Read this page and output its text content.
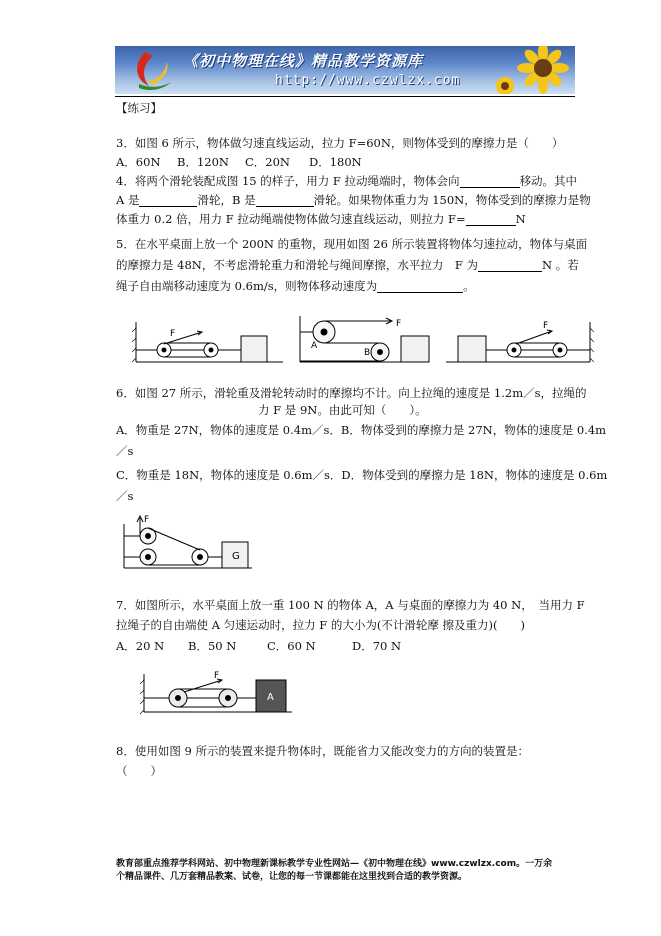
《初中物理在线》精品教学资源库
http://www.czwlzx.com
【练习】
3．如图 6 所示，物体做匀速直线运动，拉力 F=60N，则物体受到的摩擦力是（　　）
A．60N B．120N C．20N D．180N
4．将两个滑轮装配成图 15 的样子，用力 F 拉动绳端时，物体会向	移动。其中
A 是	滑轮，B 是	滑轮。如果物体重力为 150N，物体受到的摩擦力是物
体重力 0.2 倍，用力 F 拉动绳端使物体做匀速直线运动，则拉力 F=	N
5．在水平桌面上放一个 200N 的重物，现用如图 26 所示装置将物体匀速拉动，物体与桌面
的摩擦力是 48N，不考虑滑轮重力和滑轮与绳间摩擦，水平拉力　F 为	N 。若
绳子自由端移动速度为 0.6m/s，则物体移动速度为	。
F
F
A
B
F
6．如图 27 所示，滑轮重及滑轮转动时的摩擦均不计。向上拉绳的速度是 1.2m／s，拉绳的
力 F 是 9N。由此可知（　　）。
A．物重是 27N，物体的速度是 0.4m／s．B．物体受到的摩擦力是 27N，物体的速度是 0.4m
／s
C．物重是 18N，物体的速度是 0.6m／s．D．物体受到的摩擦力是 18N，物体的速度是 0.6m
／s
F
G
7．如图所示，水平桌面上放一重 100 N 的物体 A，A 与桌面的摩擦力为 40 N，　当用力 F
拉绳子的自由端使 A 匀速运动时，拉力 F 的大小为(不计滑轮摩 擦及重力)(　　)
A．20 N B．50 N	C．60 N	D．70 N
F
A
8．使用如图 9 所示的装置来提升物体时，既能省力又能改变力的方向的装置是：
（　　）
教育部重点推荐学科网站、初中物理新课标教学专业性网站—《初中物理在线》www.czwlzx.com。一万余
个精品课件、几万套精品教案、试卷，让您的每一节课都能在这里找到合适的教学资源。
